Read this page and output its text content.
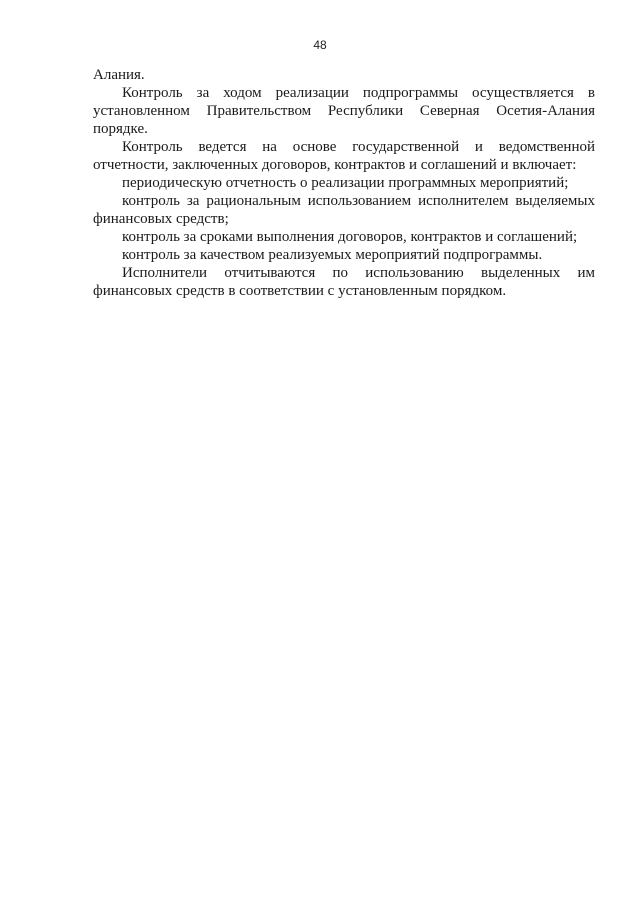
48

Алания.

Контроль за ходом реализации подпрограммы осуществляется в установленном Правительством Республики Северная Осетия-Алания порядке.

Контроль ведется на основе государственной и ведомственной отчетности, заключенных договоров, контрактов и соглашений и включает:

периодическую отчетность о реализации программных мероприятий;

контроль за рациональным использованием исполнителем выделяемых финансовых средств;

контроль за сроками выполнения договоров, контрактов и соглашений;

контроль за качеством реализуемых мероприятий подпрограммы.

Исполнители отчитываются по использованию выделенных им финансовых средств в соответствии с установленным порядком.
